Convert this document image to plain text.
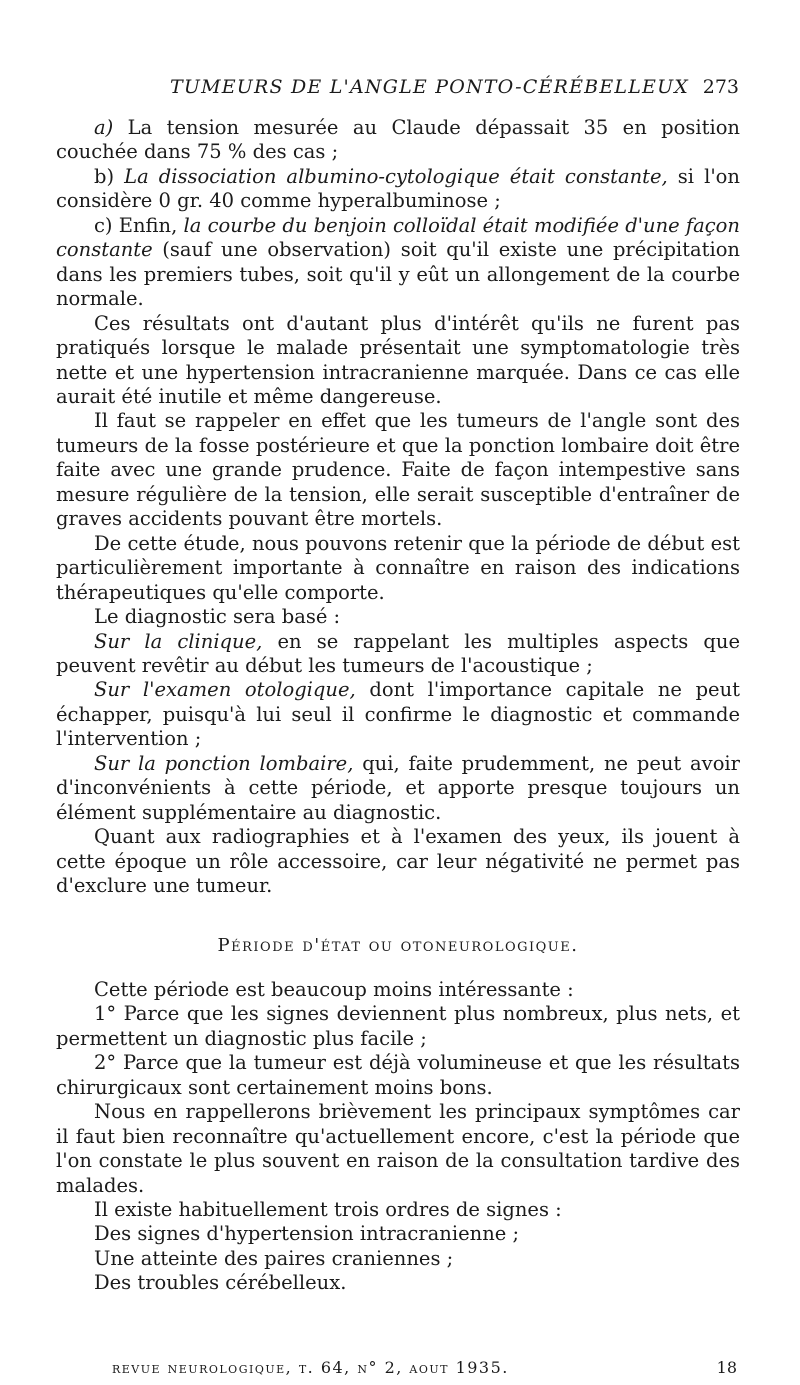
TUMEURS DE L'ANGLE PONTO-CÉRÉBELLEUX 273

a) La tension mesurée au Claude dépassait 35 en position couchée dans 75 % des cas ;

b) La dissociation albumino-cytologique était constante, si l'on considère 0 gr. 40 comme hyperalbuminose ;

c) Enfin, la courbe du benjoin colloïdal était modifiée d'une façon constante (sauf une observation) soit qu'il existe une précipitation dans les premiers tubes, soit qu'il y eût un allongement de la courbe normale.

Ces résultats ont d'autant plus d'intérêt qu'ils ne furent pas pratiqués lorsque le malade présentait une symptomatologie très nette et une hypertension intracranienne marquée. Dans ce cas elle aurait été inutile et même dangereuse.

Il faut se rappeler en effet que les tumeurs de l'angle sont des tumeurs de la fosse postérieure et que la ponction lombaire doit être faite avec une grande prudence. Faite de façon intempestive sans mesure régulière de la tension, elle serait susceptible d'entraîner de graves accidents pouvant être mortels.

De cette étude, nous pouvons retenir que la période de début est particulièrement importante à connaître en raison des indications thérapeutiques qu'elle comporte.

Le diagnostic sera basé :

Sur la clinique, en se rappelant les multiples aspects que peuvent revêtir au début les tumeurs de l'acoustique ;

Sur l'examen otologique, dont l'importance capitale ne peut échapper, puisqu'à lui seul il confirme le diagnostic et commande l'intervention ;

Sur la ponction lombaire, qui, faite prudemment, ne peut avoir d'inconvénients à cette période, et apporte presque toujours un élément supplémentaire au diagnostic.

Quant aux radiographies et à l'examen des yeux, ils jouent à cette époque un rôle accessoire, car leur négativité ne permet pas d'exclure une tumeur.

Période d'état ou otoneurologique.

Cette période est beaucoup moins intéressante :

1° Parce que les signes deviennent plus nombreux, plus nets, et permettent un diagnostic plus facile ;

2° Parce que la tumeur est déjà volumineuse et que les résultats chirurgicaux sont certainement moins bons.

Nous en rappellerons brièvement les principaux symptômes car il faut bien reconnaître qu'actuellement encore, c'est la période que l'on constate le plus souvent en raison de la consultation tardive des malades.

Il existe habituellement trois ordres de signes :

Des signes d'hypertension intracranienne ;

Une atteinte des paires craniennes ;

Des troubles cérébelleux.

revue neurologique, t. 64, n° 2, aout 1935.	18
